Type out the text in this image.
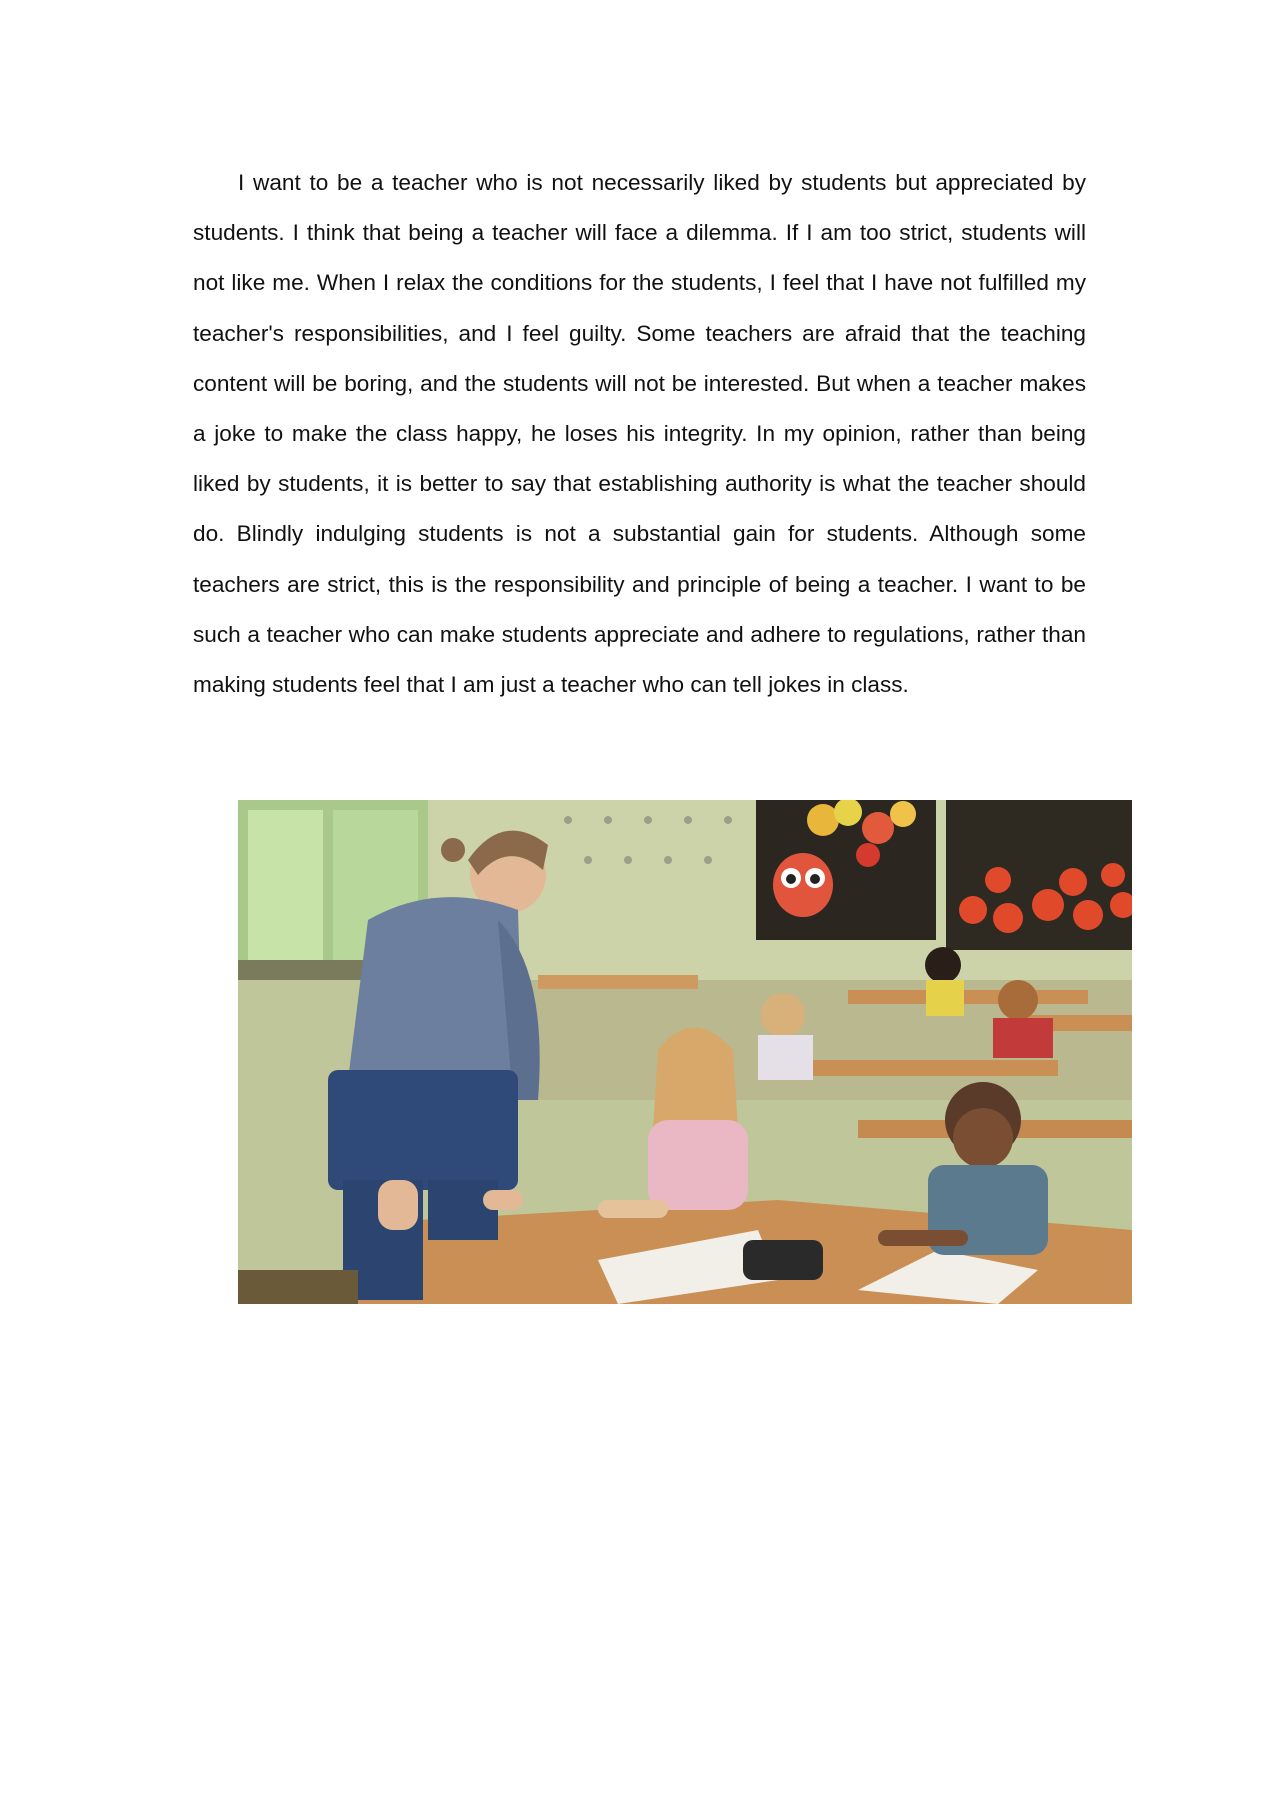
I want to be a teacher who is not necessarily liked by students but appreciated by students. I think that being a teacher will face a dilemma. If I am too strict, students will not like me. When I relax the conditions for the students, I feel that I have not fulfilled my teacher's responsibilities, and I feel guilty. Some teachers are afraid that the teaching content will be boring, and the students will not be interested. But when a teacher makes a joke to make the class happy, he loses his integrity. In my opinion, rather than being liked by students, it is better to say that establishing authority is what the teacher should do. Blindly indulging students is not a substantial gain for students. Although some teachers are strict, this is the responsibility and principle of being a teacher. I want to be such a teacher who can make students appreciate and adhere to regulations, rather than making students feel that I am just a teacher who can tell jokes in class.
